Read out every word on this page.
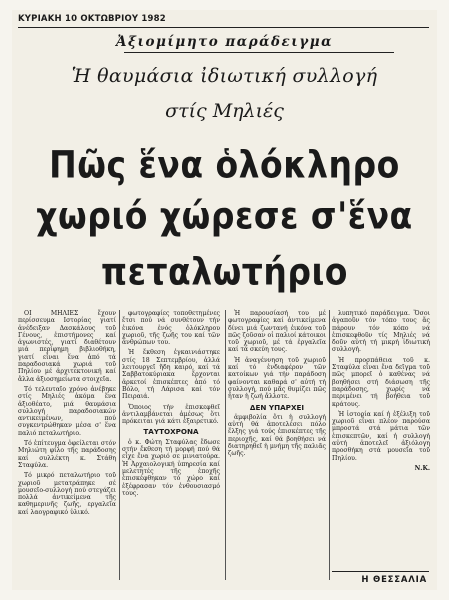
ΚΥΡΙΑΚΗ 10 ΟΚΤΩΒΡΙΟΥ 1982
Ἀξιομίμητο παράδειγμα
Ἡ θαυμάσια ἰδιωτική συλλογή
στίς Μηλιές
Πῶς ἕνα ὁλόκληρο
χωριό χώρεσε σ'ἕνα
πεταλωτήριο

ΟΙ ΜΗΛΙΕΣ ἔχουν περίσσευμα Ιστορίας γιατί ἀνέδειξαν Δασκάλους τοῦ Γένους, ἐπιστήμονες καί ἀγωνιστές, γιατί διαθέτουν μιά περίφημη βιβλιοθήκη, γιατί εἶναι ἕνα ἀπό τά παραδοσιακά χωριά τοῦ Πηλίου μέ ἀρχιτεκτονική καί ἄλλα ἀξιοσημείωτα στοιχεῖα.

Τό τελευταῖο χρόνο ἀνέβηκε στίς Μηλιές ἀκόμα ἕνα ἀξιοθέατο, μιά θαυμάσια συλλογή παραδοσιακών αντικειμένων, πού συγκεντρώθηκαν μέσα σ' ἕνα παλιό πεταλωτήριο.

Τό ἐπίτευγμα ὀφείλεται στόν Μηλιώτη φίλο τῆς παράδοσης καί συλλέκτη κ. Στάθη Σταφύλα.

Τό μικρό πεταλωτήριο τοῦ χωριοῦ μετατράπηκε σέ μουσεῖο-συλλογή πού στεγάζει πολλά ἀντικείμενα τῆς καθημερινῆς ζωῆς, εργαλεῖα καί λαογραφικό ὑλικό.

φωτογραφίες τοποθετημένες ἔτσι πού νά συνθέτουν τήν ἐικόνα ἑνός ὁλόκληρου χωριοῦ, τῆς ζωῆς του καί τῶν ἀνθρώπων του.

Ἡ ἔκθεση ἐγκαινιάστηκε στίς 18 Σεπτεμβρίου, ἀλλά λειτουργεῖ ἤδη καιρό, καί τά Σαββατοκύριακα ἔρχονται ἀρκετοί ἐπισκέπτες ἀπό τό Βόλο, τή Λάρισα καί τόν Πειραιά.

Ὅποιος τήν ἐπισκεφθεῖ ἀντιλαμβάνεται ἀμέσως ὅτι πρόκειται γιά κάτι ἐξαιρετικό.

ΤΑΥΤΟΧΡΟΝΑ

ὁ κ. Φώτη Σταφύλας ἔδωσε στήν ἔκθεση τή μορφή πού θά εἶχε ἕνα χωριό σε μινιατούρα. Ἡ Ἀρχαιολογική ὑπηρεσία καί μελετητές τῆς ἐποχῆς ἐπισκέφθηκαν τό χώρο καί ἐξέφρασαν τόν ἐνθουσιασμό τους.

Ἡ παρουσίασή του μέ φωτογραφίες καί ἀντικείμενα δίνει μιά ζωντανή ἐικόνα τοῦ πῶς ζοῦσαν οἱ παλιοί κάτοικοι τοῦ χωριοῦ, μέ τά ἐργαλεῖα καί τά σκεύη τους.

Ἡ ἀναγέννηση τοῦ χωριοῦ καί τό ἐνδιαφέρον τῶν κατοίκων γιά τήν παράδοση φαίνονται καθαρά σ' αὐτή τή συλλογή, πού μᾶς θυμίζει πῶς ἦταν ἡ ζωή ἄλλοτε.

ΔΕΝ ΥΠΑΡΧΕΙ

ἀμφιβολία ὅτι ἡ συλλογή αὐτή θά ἀποτελέσει πόλο ἕλξης γιά τούς ἐπισκέπτες τῆς περιοχῆς, καί θά βοηθήσει νά διατηρηθεῖ ἡ μνήμη τῆς παλιᾶς ζωῆς.

λυπητικό παράδειγμα. Ὅσοι ἀγαποῦν τόν τόπο τους ἄς πάρουν τόν κόπο νά ἐπισκεφθοῦν τίς Μηλιές νά δοῦν αὐτή τή μικρή ἰδιωτική συλλογή.

Ἡ προσπάθεια τοῦ κ. Σταφύλα εἶναι ἕνα δεῖγμα τοῦ πῶς μπορεῖ ὁ καθένας νά βοηθήσει στή διάσωση τῆς παράδοσης, χωρίς νά περιμένει τή βοήθεια τοῦ κράτους.

Ἡ ἱστορία καί ἡ ἐξέλιξη τοῦ χωριοῦ εἶναι πλέον παρούσα μπροστά στά μάτια τῶν ἐπισκεπτῶν, καί ἡ συλλογή αὐτή ἀποτελεῖ ἀξιόλογη προσθήκη στά μουσεῖα τοῦ Πηλίου.

Ν.Κ.
Η ΘΕΣΣΑΛΙΑ
